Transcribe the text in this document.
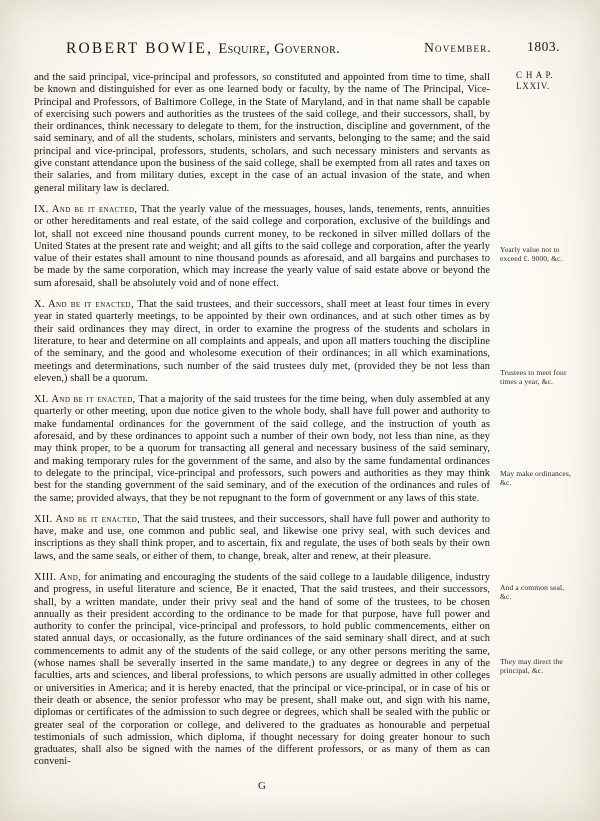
ROBERT BOWIE, Esquire, Governor.	November.	1803.
C H A P. LXXIV.

and the said principal, vice-principal and professors, so constituted and appointed from time to time, shall be known and distinguished for ever as one learned body or faculty, by the name of The Principal, Vice-Principal and Professors, of Baltimore College, in the State of Maryland, and in that name shall be capable of exercising such powers and authorities as the trustees of the said college, and their successors, shall, by their ordinances, think necessary to delegate to them, for the instruction, discipline and government, of the said seminary, and of all the students, scholars, ministers and servants, belonging to the same; and the said principal and vice-principal, professors, students, scholars, and such necessary ministers and servants as give constant attendance upon the business of the said college, shall be exempted from all rates and taxes on their salaries, and from military duties, except in the case of an actual invasion of the state, and when general military law is declared.

IX. And be it enacted, That the yearly value of the messuages, houses, lands, tenements, rents, annuities or other hereditaments and real estate, of the said college and corporation, exclusive of the buildings and lot, shall not exceed nine thousand pounds current money, to be reckoned in silver milled dollars of the United States at the present rate and weight; and all gifts to the said college and corporation, after the yearly value of their estates shall amount to nine thousand pounds as aforesaid, and all bargains and purchases to be made by the same corporation, which may increase the yearly value of said estate above or beyond the sum aforesaid, shall be absolutely void and of none effect.

X. And be it enacted, That the said trustees, and their successors, shall meet at least four times in every year in stated quarterly meetings, to be appointed by their own ordinances, and at such other times as by their said ordinances they may direct, in order to examine the progress of the students and scholars in literature, to hear and determine on all complaints and appeals, and upon all matters touching the discipline of the seminary, and the good and wholesome execution of their ordinances; in all which examinations, meetings and determinations, such number of the said trustees duly met, (provided they be not less than eleven,) shall be a quorum.

XI. And be it enacted, That a majority of the said trustees for the time being, when duly assembled at any quarterly or other meeting, upon due notice given to the whole body, shall have full power and authority to make fundamental ordinances for the government of the said college, and the instruction of youth as aforesaid, and by these ordinances to appoint such a number of their own body, not less than nine, as they may think proper, to be a quorum for transacting all general and necessary business of the said seminary, and making temporary rules for the government of the same, and also by the same fundamental ordinances to delegate to the principal, vice-principal and professors, such powers and authorities as they may think best for the standing government of the said seminary, and of the execution of the ordinances and rules of the same; provided always, that they be not repugnant to the form of government or any laws of this state.

XII. And be it enacted, That the said trustees, and their successors, shall have full power and authority to have, make and use, one common and public seal, and likewise one privy seal, with such devices and inscriptions as they shall think proper, and to ascertain, fix and regulate, the uses of both seals by their own laws, and the same seals, or either of them, to change, break, alter and renew, at their pleasure.

XIII. And, for animating and encouraging the students of the said college to a laudable diligence, industry and progress, in useful literature and science, Be it enacted, That the said trustees, and their successors, shall, by a written mandate, under their privy seal and the hand of some of the trustees, to be chosen annually as their president according to the ordinance to be made for that purpose, have full power and authority to confer the principal, vice-principal and professors, to hold public commencements, either on stated annual days, or occasionally, as the future ordinances of the said seminary shall direct, and at such commencements to admit any of the students of the said college, or any other persons meriting the same, (whose names shall be severally inserted in the same mandate,) to any degree or degrees in any of the faculties, arts and sciences, and liberal professions, to which persons are usually admitted in other colleges or universities in America; and it is hereby enacted, that the principal or vice-principal, or in case of his or their death or absence, the senior professor who may be present, shall make out, and sign with his name, diplomas or certificates of the admission to such degree or degrees, which shall be sealed with the public or greater seal of the corporation or college, and delivered to the graduates as honourable and perpetual testimonials of such admission, which diploma, if thought necessary for doing greater honour to such graduates, shall also be signed with the names of the different professors, or as many of them as can conveni-

G
Yearly value not to exceed £. 9000, &c.
Trustees to meet four times a year, &c.
May make ordinances, &c.
And a common seal, &c.
They may direct the principal, &c.
